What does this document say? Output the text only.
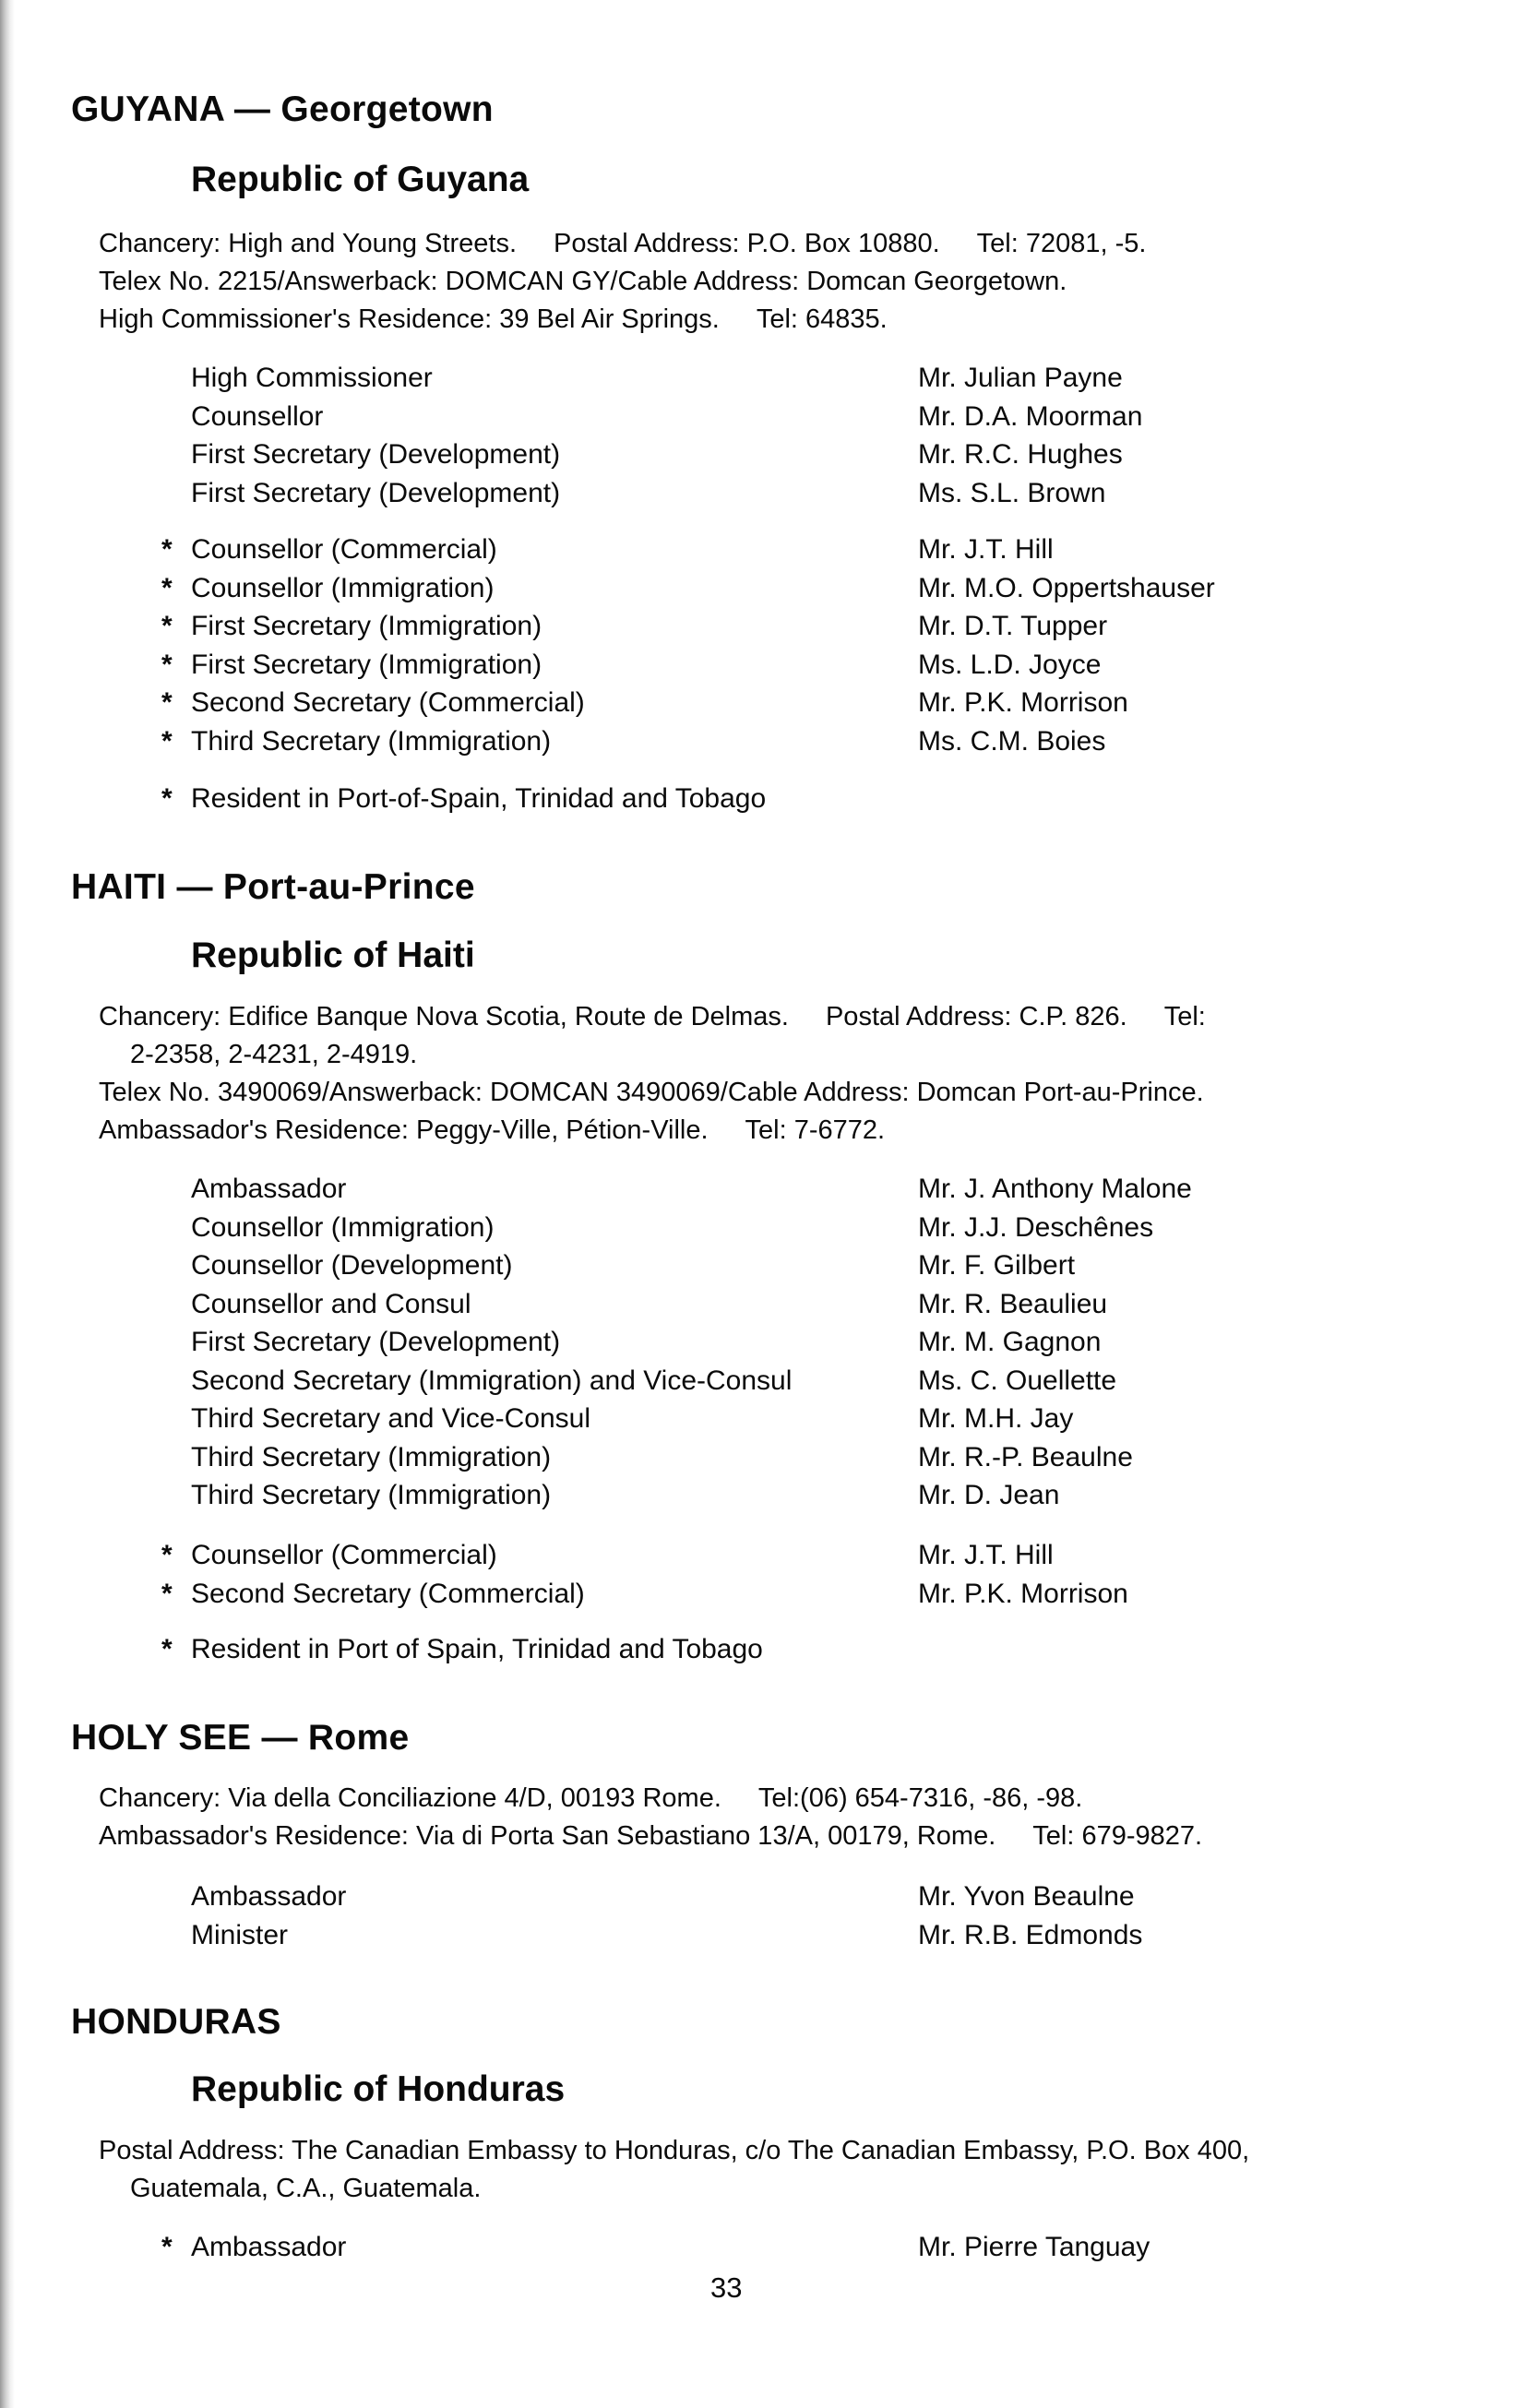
GUYANA — Georgetown
Republic of Guyana
Chancery: High and Young Streets. Postal Address: P.O. Box 10880. Tel: 72081, -5.
Telex No. 2215/Answerback: DOMCAN GY/Cable Address: Domcan Georgetown.
High Commissioner's Residence: 39 Bel Air Springs. Tel: 64835.
High Commissioner	Mr. Julian Payne
Counsellor	Mr. D.A. Moorman
First Secretary (Development)	Mr. R.C. Hughes
First Secretary (Development)	Ms. S.L. Brown
* Counsellor (Commercial)	Mr. J.T. Hill
* Counsellor (Immigration)	Mr. M.O. Oppertshauser
* First Secretary (Immigration)	Mr. D.T. Tupper
* First Secretary (Immigration)	Ms. L.D. Joyce
* Second Secretary (Commercial)	Mr. P.K. Morrison
* Third Secretary (Immigration)	Ms. C.M. Boies
* Resident in Port-of-Spain, Trinidad and Tobago
HAITI — Port-au-Prince
Republic of Haiti
Chancery: Edifice Banque Nova Scotia, Route de Delmas. Postal Address: C.P. 826. Tel:
2-2358, 2-4231, 2-4919.
Telex No. 3490069/Answerback: DOMCAN 3490069/Cable Address: Domcan Port-au-Prince.
Ambassador's Residence: Peggy-Ville, Pétion-Ville. Tel: 7-6772.
Ambassador	Mr. J. Anthony Malone
Counsellor (Immigration)	Mr. J.J. Deschênes
Counsellor (Development)	Mr. F. Gilbert
Counsellor and Consul	Mr. R. Beaulieu
First Secretary (Development)	Mr. M. Gagnon
Second Secretary (Immigration) and Vice-Consul	Ms. C. Ouellette
Third Secretary and Vice-Consul	Mr. M.H. Jay
Third Secretary (Immigration)	Mr. R.-P. Beaulne
Third Secretary (Immigration)	Mr. D. Jean
* Counsellor (Commercial)	Mr. J.T. Hill
* Second Secretary (Commercial)	Mr. P.K. Morrison
* Resident in Port of Spain, Trinidad and Tobago
HOLY SEE — Rome
Chancery: Via della Conciliazione 4/D, 00193 Rome. Tel:(06) 654-7316, -86, -98.
Ambassador's Residence: Via di Porta San Sebastiano 13/A, 00179, Rome. Tel: 679-9827.
Ambassador	Mr. Yvon Beaulne
Minister	Mr. R.B. Edmonds
HONDURAS
Republic of Honduras
Postal Address: The Canadian Embassy to Honduras, c/o The Canadian Embassy, P.O. Box 400,
Guatemala, C.A., Guatemala.
* Ambassador	Mr. Pierre Tanguay
33
